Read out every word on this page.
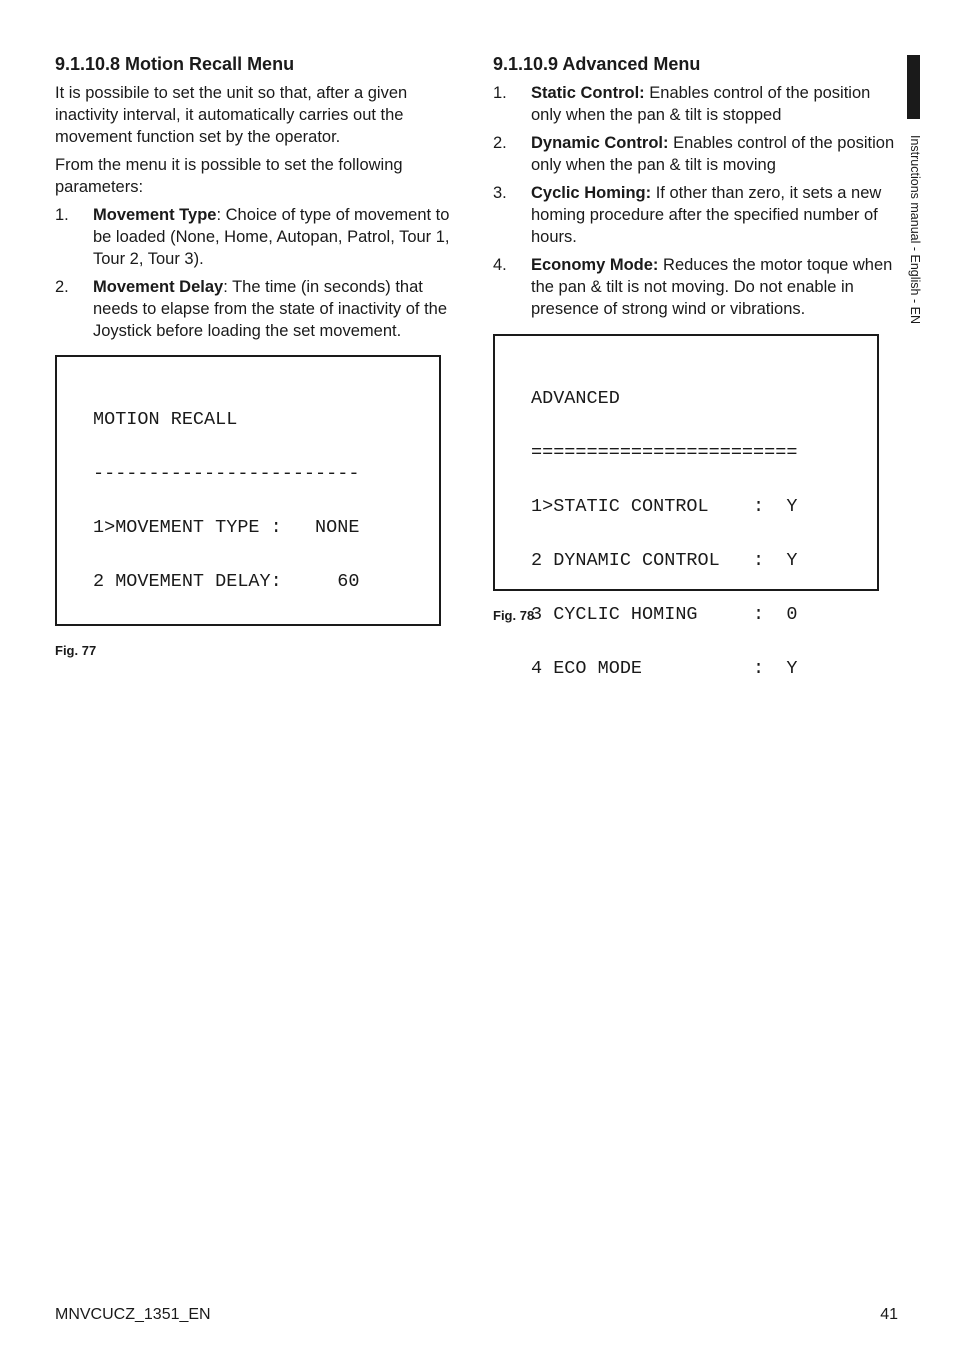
9.1.10.8 Motion Recall Menu

It is possibile to set the unit so that, after a given inactivity interval, it automatically carries out the movement function set by the operator.

From the menu it is possible to set the following parameters:

1. Movement Type: Choice of type of movement to be loaded (None, Home, Autopan, Patrol, Tour 1, Tour 2, Tour 3).
2. Movement Delay: The time (in seconds) that needs to elapse from the state of inactivity of the Joystick before loading the set movement.

MOTION RECALL

------------------------

1>MOVEMENT TYPE :   NONE

2 MOVEMENT DELAY:     60

Fig. 77
9.1.10.9 Advanced Menu
1. Static Control: Enables control of the position only when the pan & tilt is stopped
2. Dynamic Control: Enables control of the position only when the pan & tilt is moving
3. Cyclic Homing: If other than zero, it sets a new homing procedure after the specified number of hours.
4. Economy Mode: Reduces the motor toque when the pan & tilt is not moving. Do not enable in presence of strong wind or vibrations.

ADVANCED

========================

1>STATIC CONTROL    :  Y

2 DYNAMIC CONTROL   :  Y

3 CYCLIC HOMING     :  0

4 ECO MODE          :  Y

Fig. 78
Instructions manual - English - EN
MNVCUCZ_1351_EN	41
